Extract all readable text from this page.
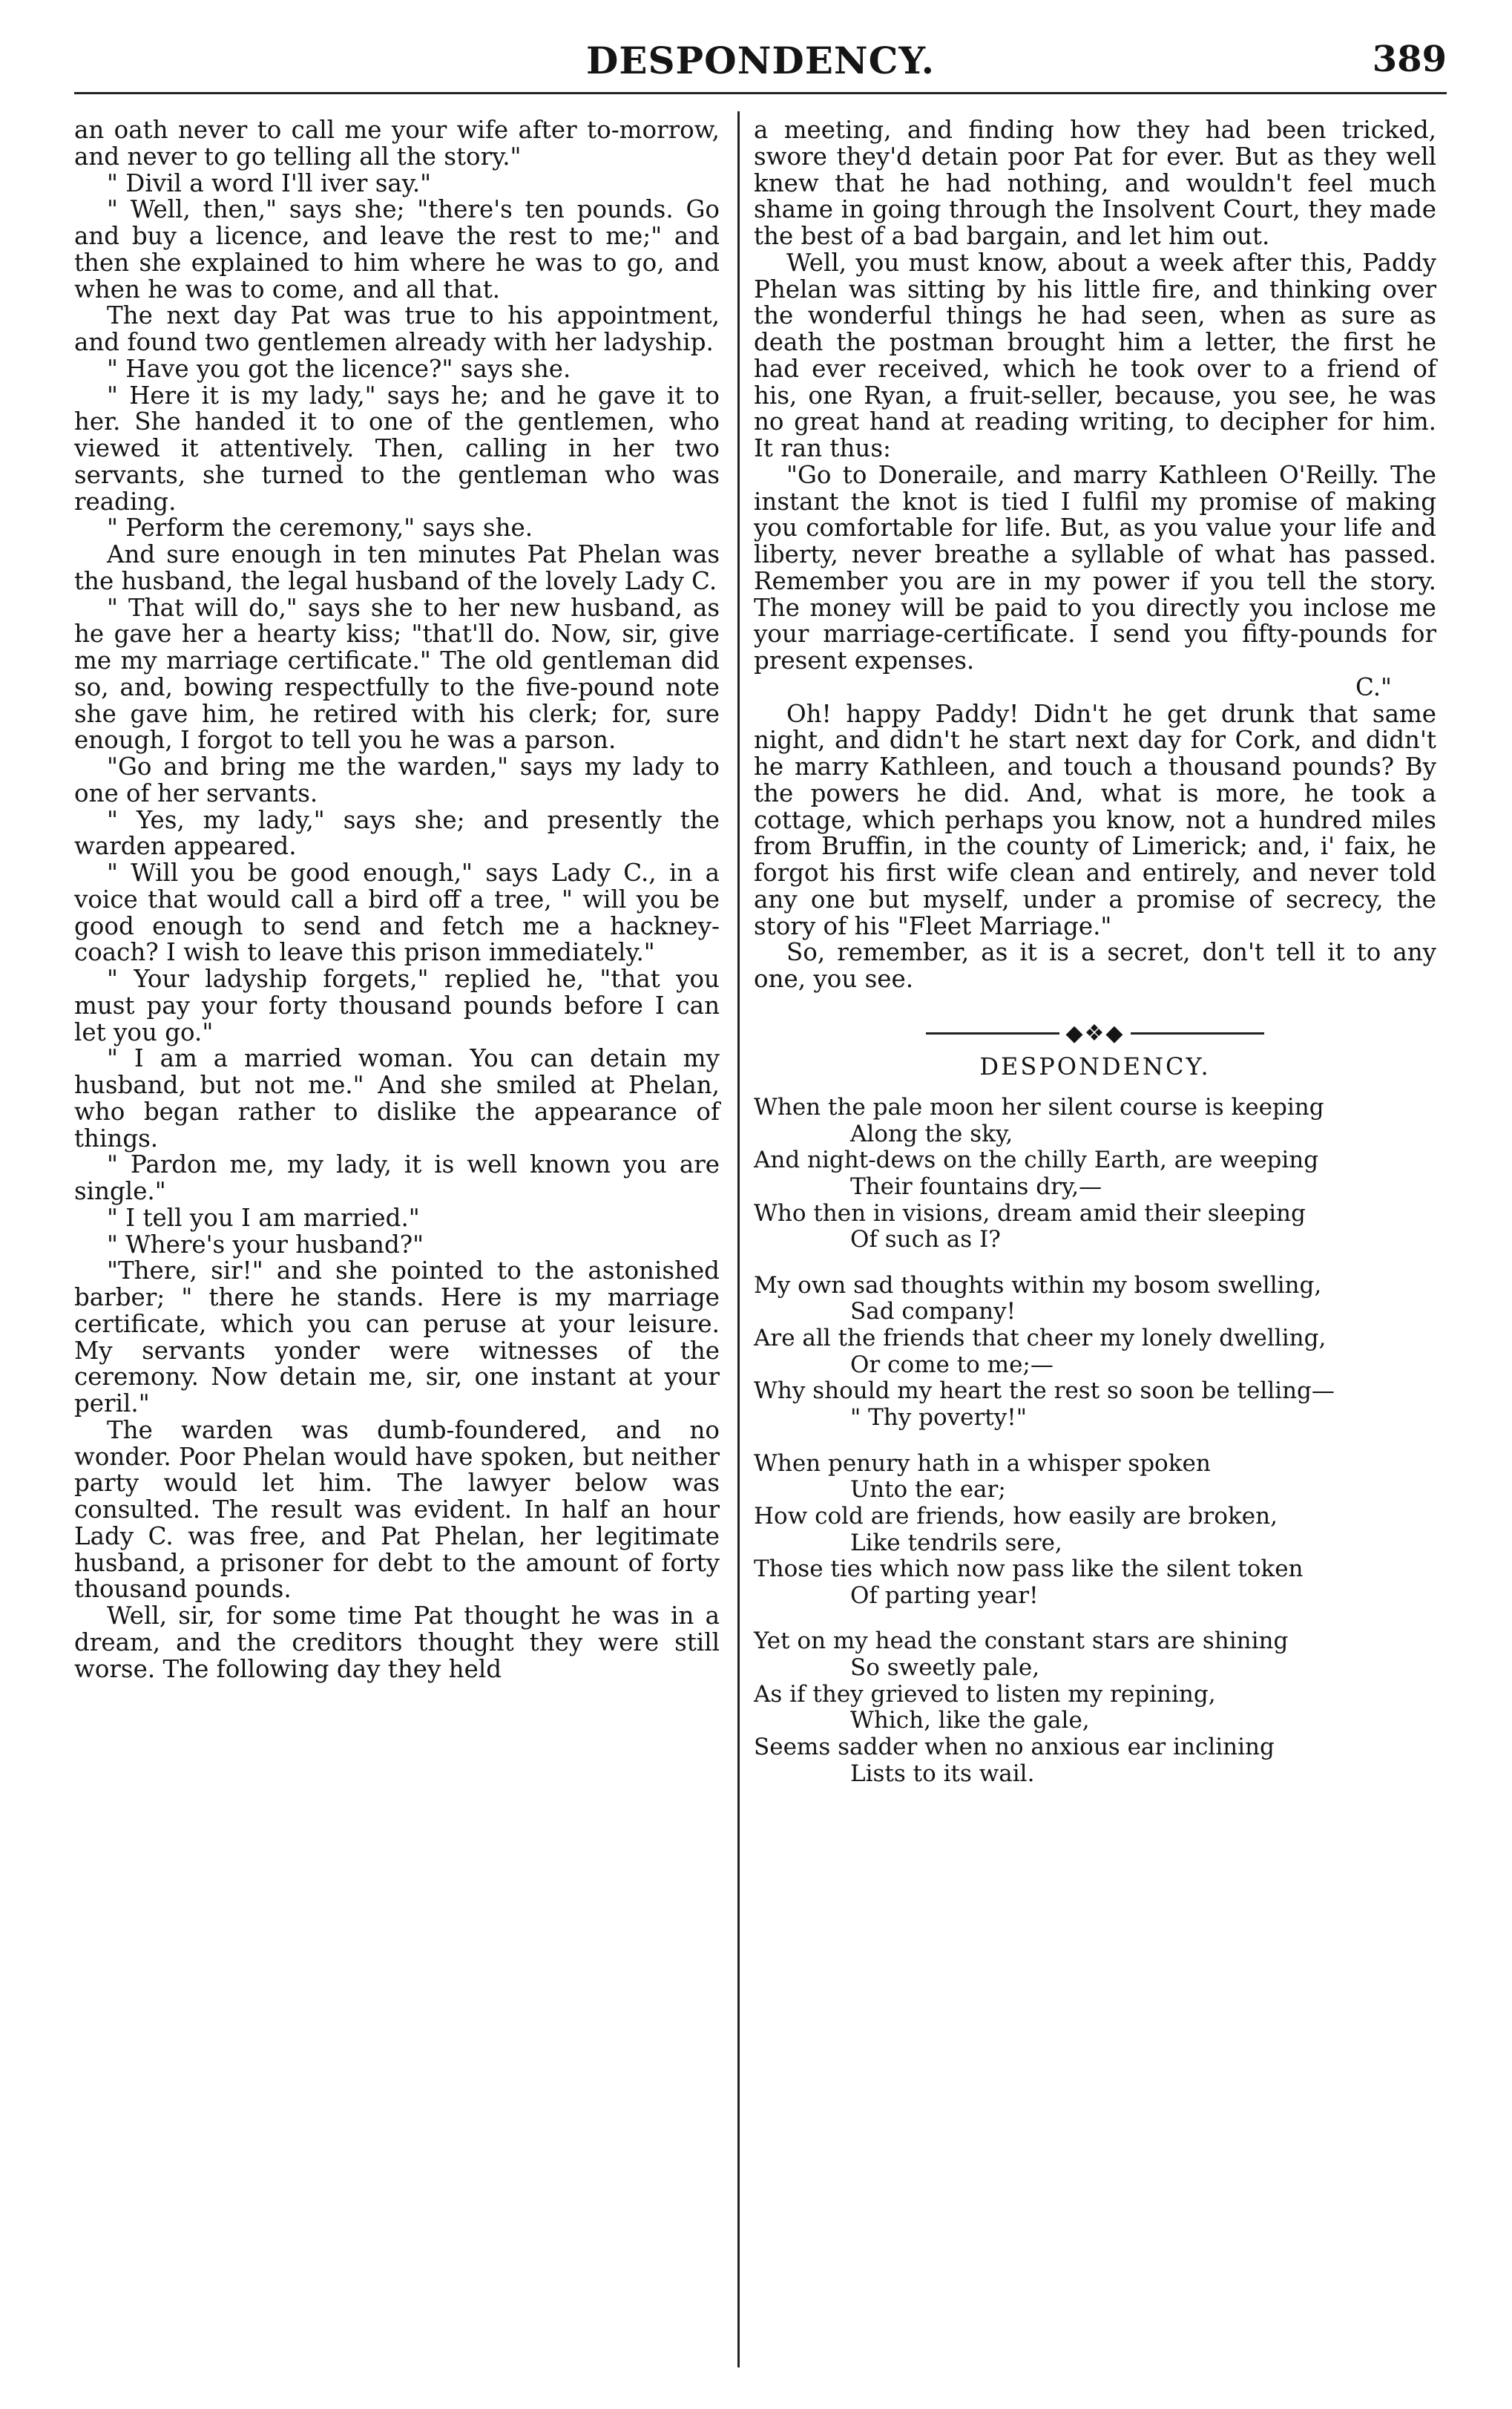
DESPONDENCY.	389

an oath never to call me your wife after to-morrow, and never to go telling all the story."

" Divil a word I'll iver say."

" Well, then," says she; "there's ten pounds. Go and buy a licence, and leave the rest to me;" and then she explained to him where he was to go, and when he was to come, and all that.

The next day Pat was true to his appointment, and found two gentlemen already with her ladyship.

" Have you got the licence?" says she.

" Here it is my lady," says he; and he gave it to her. She handed it to one of the gentlemen, who viewed it attentively. Then, calling in her two servants, she turned to the gentleman who was reading.

" Perform the ceremony," says she.

And sure enough in ten minutes Pat Phelan was the husband, the legal husband of the lovely Lady C.

" That will do," says she to her new husband, as he gave her a hearty kiss; "that'll do. Now, sir, give me my marriage certificate." The old gentleman did so, and, bowing respectfully to the five-pound note she gave him, he retired with his clerk; for, sure enough, I forgot to tell you he was a parson.

"Go and bring me the warden," says my lady to one of her servants.

" Yes, my lady," says she; and presently the warden appeared.

" Will you be good enough," says Lady C., in a voice that would call a bird off a tree, " will you be good enough to send and fetch me a hackney-coach? I wish to leave this prison immediately."

" Your ladyship forgets," replied he, "that you must pay your forty thousand pounds before I can let you go."

" I am a married woman. You can detain my husband, but not me." And she smiled at Phelan, who began rather to dislike the appearance of things.

" Pardon me, my lady, it is well known you are single."

" I tell you I am married."

" Where's your husband?"

"There, sir!" and she pointed to the astonished barber; " there he stands. Here is my marriage certificate, which you can peruse at your leisure. My servants yonder were witnesses of the ceremony. Now detain me, sir, one instant at your peril."

The warden was dumb-foundered, and no wonder. Poor Phelan would have spoken, but neither party would let him. The lawyer below was consulted. The result was evident. In half an hour Lady C. was free, and Pat Phelan, her legitimate husband, a prisoner for debt to the amount of forty thousand pounds.

Well, sir, for some time Pat thought he was in a dream, and the creditors thought they were still worse. The following day they held

a meeting, and finding how they had been tricked, swore they'd detain poor Pat for ever. But as they well knew that he had nothing, and wouldn't feel much shame in going through the Insolvent Court, they made the best of a bad bargain, and let him out.

Well, you must know, about a week after this, Paddy Phelan was sitting by his little fire, and thinking over the wonderful things he had seen, when as sure as death the postman brought him a letter, the first he had ever received, which he took over to a friend of his, one Ryan, a fruit-seller, because, you see, he was no great hand at reading writing, to decipher for him. It ran thus:

"Go to Doneraile, and marry Kathleen O'Reilly. The instant the knot is tied I fulfil my promise of making you comfortable for life. But, as you value your life and liberty, never breathe a syllable of what has passed. Remember you are in my power if you tell the story. The money will be paid to you directly you inclose me your marriage-certificate. I send you fifty-pounds for present expenses.

C."

Oh! happy Paddy! Didn't he get drunk that same night, and didn't he start next day for Cork, and didn't he marry Kathleen, and touch a thousand pounds? By the powers he did. And, what is more, he took a cottage, which perhaps you know, not a hundred miles from Bruffin, in the county of Limerick; and, i' faix, he forgot his first wife clean and entirely, and never told any one but myself, under a promise of secrecy, the story of his "Fleet Marriage."

So, remember, as it is a secret, don't tell it to any one, you see.

◆❖◆
DESPONDENCY.
When the pale moon her silent course is keeping
Along the sky,
And night-dews on the chilly Earth, are weeping
Their fountains dry,—
Who then in visions, dream amid their sleeping
Of such as I?
My own sad thoughts within my bosom swelling,
Sad company!
Are all the friends that cheer my lonely dwelling,
Or come to me;—
Why should my heart the rest so soon be telling—
" Thy poverty!"
When penury hath in a whisper spoken
Unto the ear;
How cold are friends, how easily are broken,
Like tendrils sere,
Those ties which now pass like the silent token
Of parting year!
Yet on my head the constant stars are shining
So sweetly pale,
As if they grieved to listen my repining,
Which, like the gale,
Seems sadder when no anxious ear inclining
Lists to its wail.
